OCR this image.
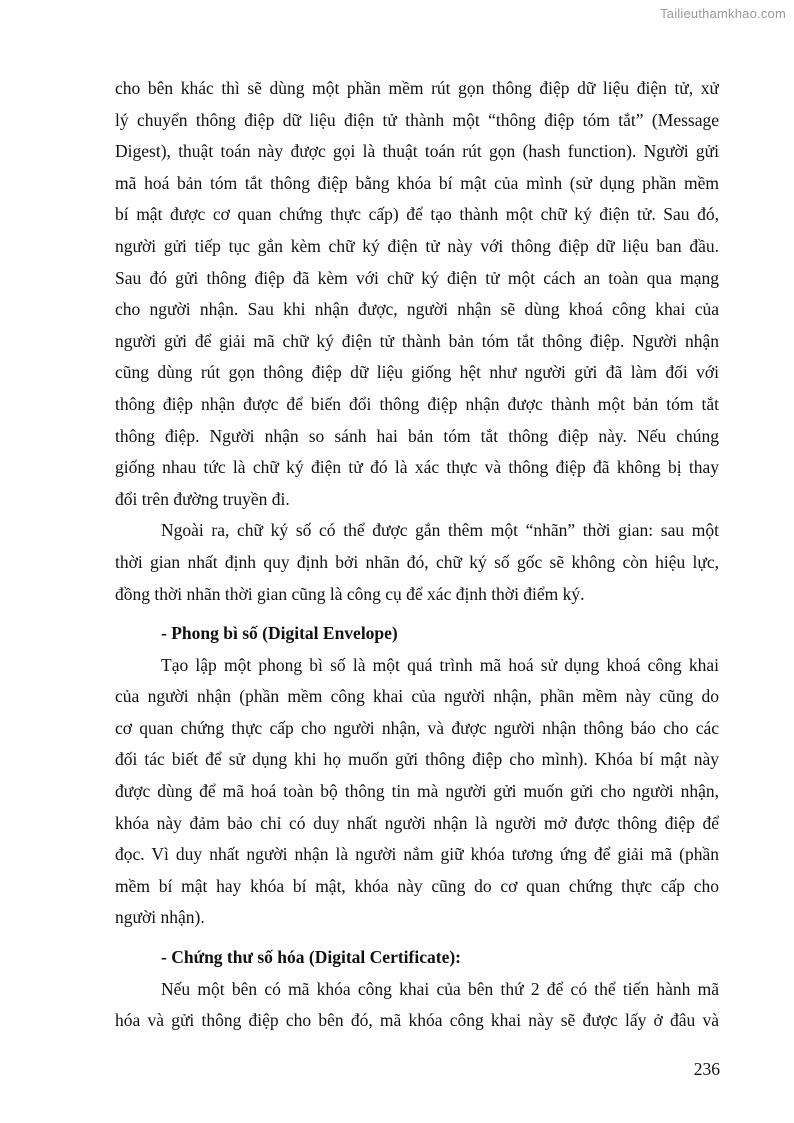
Tailieuthamkhao.com
cho bên khác thì sẽ dùng một phần mềm rút gọn thông điệp dữ liệu điện tử, xử
lý chuyển thông điệp dữ liệu điện tử thành một “thông điệp tóm tắt” (Message
Digest), thuật toán này được gọi là thuật toán rút gọn (hash function). Người gửi
mã hoá bản tóm tắt thông điệp bằng khóa bí mật của mình (sử dụng phần mềm
bí mật được cơ quan chứng thực cấp) để tạo thành một chữ ký điện tử. Sau đó,
người gửi tiếp tục gắn kèm chữ ký điện tử này với thông điệp dữ liệu ban đầu.
Sau đó gửi thông điệp đã kèm với chữ ký điện tử một cách an toàn qua mạng
cho người nhận. Sau khi nhận được, người nhận sẽ dùng khoá công khai của
người gửi để giải mã chữ ký điện tử thành bản tóm tắt thông điệp. Người nhận
cũng dùng rút gọn thông điệp dữ liệu giống hệt như người gửi đã làm đối với
thông điệp nhận được để biến đổi thông điệp nhận được thành một bản tóm tắt
thông điệp. Người nhận so sánh hai bản tóm tắt thông điệp này. Nếu chúng
giống nhau tức là chữ ký điện tử đó là xác thực và thông điệp đã không bị thay
đổi trên đường truyền đi.
Ngoài ra, chữ ký số có thể được gắn thêm một “nhãn” thời gian: sau một
thời gian nhất định quy định bởi nhãn đó, chữ ký số gốc sẽ không còn hiệu lực,
đồng thời nhãn thời gian cũng là công cụ để xác định thời điểm ký.
- Phong bì số (Digital Envelope)
Tạo lập một phong bì số là một quá trình mã hoá sử dụng khoá công khai
của người nhận (phần mềm công khai của người nhận, phần mềm này cũng do
cơ quan chứng thực cấp cho người nhận, và được người nhận thông báo cho các
đối tác biết để sử dụng khi họ muốn gửi thông điệp cho mình). Khóa bí mật này
được dùng để mã hoá toàn bộ thông tin mà người gửi muốn gửi cho người nhận,
khóa này đảm bảo chỉ có duy nhất người nhận là người mở được thông điệp để
đọc. Vì duy nhất người nhận là người nắm giữ khóa tương ứng để giải mã (phần
mềm bí mật hay khóa bí mật, khóa này cũng do cơ quan chứng thực cấp cho
người nhận).
- Chứng thư số hóa (Digital Certificate):
Nếu một bên có mã khóa công khai của bên thứ 2 để có thể tiến hành mã
hóa và gửi thông điệp cho bên đó, mã khóa công khai này sẽ được lấy ở đâu và
236
